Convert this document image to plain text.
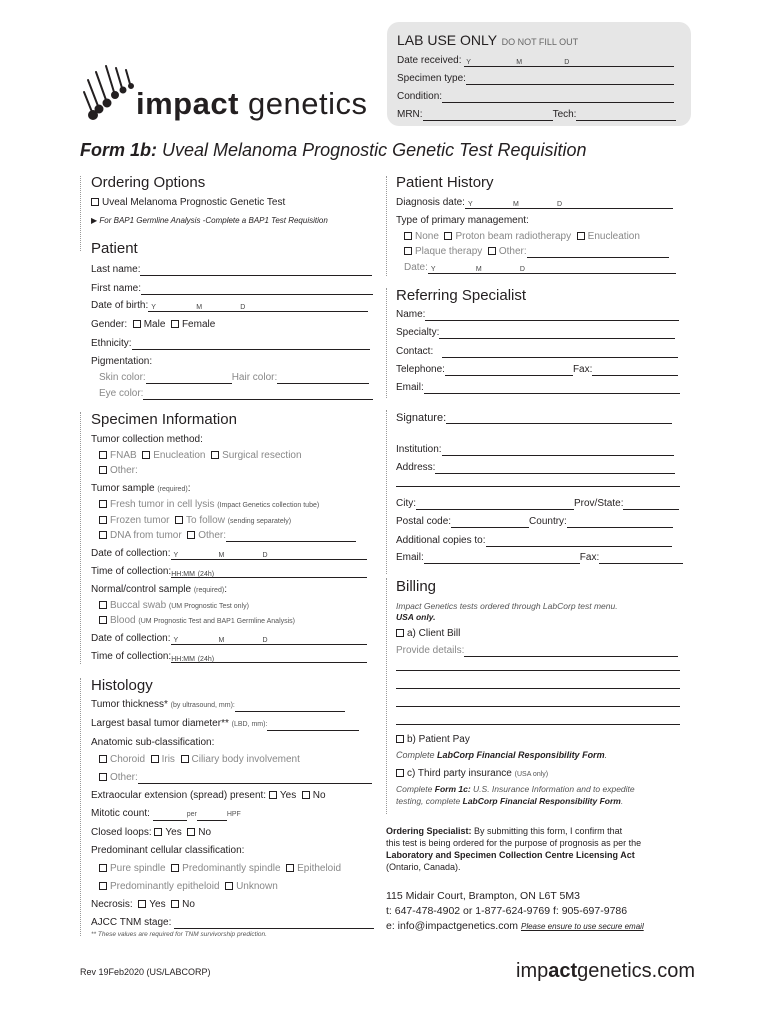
impact genetics
LAB USE ONLY DO NOT FILL OUT
Date received: Y	M	D
Specimen type:
Condition:
MRN:	Tech:
Form 1b: Uveal Melanoma Prognostic Genetic Test Requisition
Ordering Options
Uveal Melanoma Prognostic Genetic Test
▶ For BAP1 Germline Analysis -Complete a BAP1 Test Requisition
Patient
Last name:
First name:
Date of birth: Y	M	D
Gender: Male Female
Ethnicity:
Pigmentation:
Skin color:	Hair color:
Eye color:
Specimen Information
Tumor collection method:
FNAB Enucleation Surgical resection
Other:
Tumor sample (required):
Fresh tumor in cell lysis (Impact Genetics collection tube)
Frozen tumor To follow (sending separately)
DNA from tumor Other:
Date of collection: Y	M	D
Time of collection:HH:MM (24h)
Normal/control sample (required):
Buccal swab (UM Prognostic Test only)
Blood (UM Prognostic Test and BAP1 Germline Analysis)
Date of collection: Y	M	D
Time of collection:HH:MM (24h)
Histology
Tumor thickness* (by ultrasound, mm):
Largest basal tumor diameter** (LBD, mm):
Anatomic sub-classification:
Choroid Iris Ciliary body involvement
Other:
Extraocular extension (spread) present: Yes No
Mitotic count:	per	HPF
Closed loops: Yes No
Predominant cellular classification:
Pure spindle Predominantly spindle Epitheloid
Predominantly epitheloid Unknown
Necrosis: Yes No
AJCC TNM stage:
** These values are required for TNM survivorship prediction.
Patient History
Diagnosis date: Y	M	D
Type of primary management:
None Proton beam radiotherapy Enucleation
Plaque therapy Other:
Date: Y	M	D
Referring Specialist
Name:
Specialty:
Contact:
Telephone:	Fax:
Email:
Signature:
Institution:
Address:
City:	Prov/State:
Postal code:	Country:
Additional copies to:
Email:	Fax:
Billing
Impact Genetics tests ordered through LabCorp test menu.
USA only.
a) Client Bill
Provide details:
b) Patient Pay
Complete LabCorp Financial Responsibility Form.
c) Third party insurance (USA only)
Complete Form 1c: U.S. Insurance Information and to expedite
testing, complete LabCorp Financial Responsibility Form.
Ordering Specialist: By submitting this form, I confirm that
this test is being ordered for the purpose of prognosis as per the
Laboratory and Specimen Collection Centre Licensing Act
(Ontario, Canada).
115 Midair Court, Brampton, ON L6T 5M3
t: 647-478-4902 or 1-877-624-9769 f: 905-697-9786
e: info@impactgenetics.com Please ensure to use secure email
Rev 19Feb2020 (US/LABCORP)	impactgenetics.com
